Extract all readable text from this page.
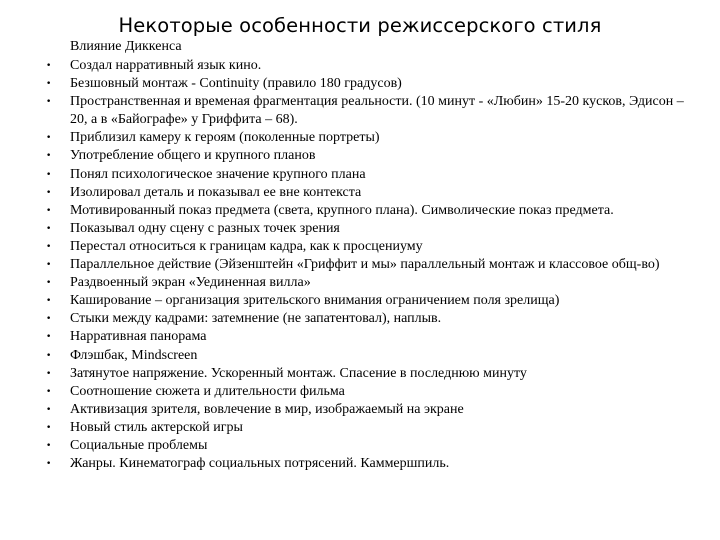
Некоторые особенности режиссерского стиля
Влияние Диккенса
• Создал нарративный язык кино.
• Безшовный монтаж - Continuity (правило 180 градусов)
• Пространственная и временая фрагментация реальности. (10 минут - «Любин» 15-20 кусков, Эдисон – 20, а в «Байографе» у Гриффита – 68).
• Приблизил камеру к героям (поколенные портреты)
• Употребление общего и крупного планов
• Понял психологическое значение крупного плана
• Изолировал деталь и показывал ее вне контекста
• Мотивированный показ предмета (света, крупного плана). Символические показ предмета.
• Показывал одну сцену с разных точек зрения
• Перестал относиться к границам кадра, как к просцениуму
• Параллельное действие (Эйзенштейн «Гриффит и мы» параллельный монтаж и классовое общ-во)
• Раздвоенный экран «Уединенная вилла»
• Каширование – организация зрительского внимания ограничением поля зрелища)
• Стыки между кадрами: затемнение (не запатентовал), наплыв.
• Нарративная панорама
• Флэшбак, Mindscreen
• Затянутое напряжение. Ускоренный монтаж. Спасение в последнюю минуту
• Соотношение сюжета и длительности фильма
• Активизация зрителя, вовлечение в мир, изображаемый на экране
• Новый стиль актерской игры
• Социальные проблемы
• Жанры. Кинематограф социальных потрясений. Каммершпиль.
